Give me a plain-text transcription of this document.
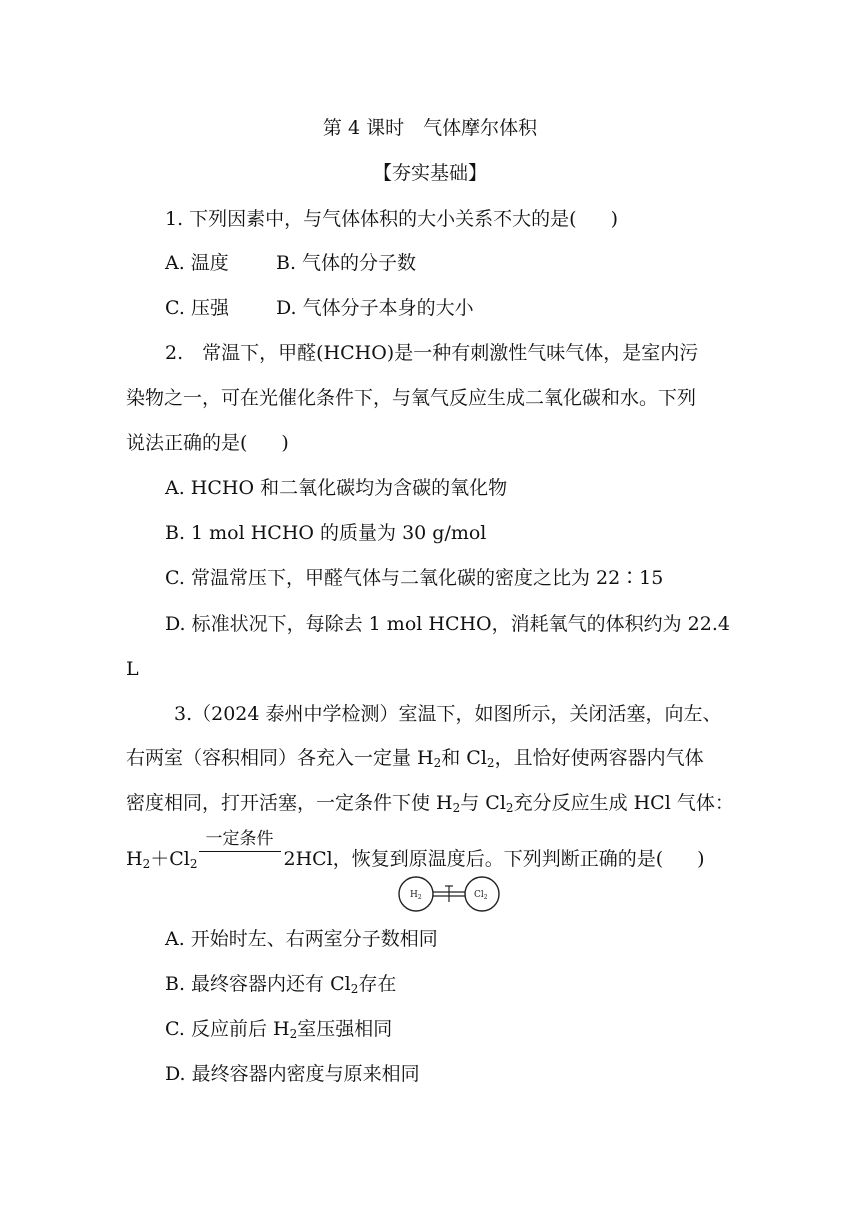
第 4 课时　气体摩尔体积
【夯实基础】
1. 下列因素中，与气体体积的大小关系不大的是( )
A. 温度 B. 气体的分子数
C. 压强 D. 气体分子本身的大小
2.　常温下，甲醛(HCHO)是一种有刺激性气味气体，是室内污
染物之一，可在光催化条件下，与氧气反应生成二氧化碳和水。下列
说法正确的是( )
A. HCHO 和二氧化碳均为含碳的氧化物
B. 1 mol HCHO 的质量为 30 g/mol
C. 常温常压下，甲醛气体与二氧化碳的密度之比为 22∶15
D. 标准状况下，每除去 1 mol HCHO，消耗氧气的体积约为 22.4
L
3.（2024 泰州中学检测）室温下，如图所示，关闭活塞，向左、
右两室（容积相同）各充入一定量 $H_2$和 $Cl_2$，且恰好使两容器内气体
密度相同，打开活塞，一定条件下使 $H_2$与 $Cl_2$充分反应生成 HCl 气体：
$H_2+Cl_2$
一定条件
2HCl，恢复到原温度后。下列判断正确的是( )
$H_2$	$Cl_2$
A. 开始时左、右两室分子数相同
B. 最终容器内还有 $Cl_2$存在
C. 反应前后 $H_2$室压强相同
D. 最终容器内密度与原来相同
